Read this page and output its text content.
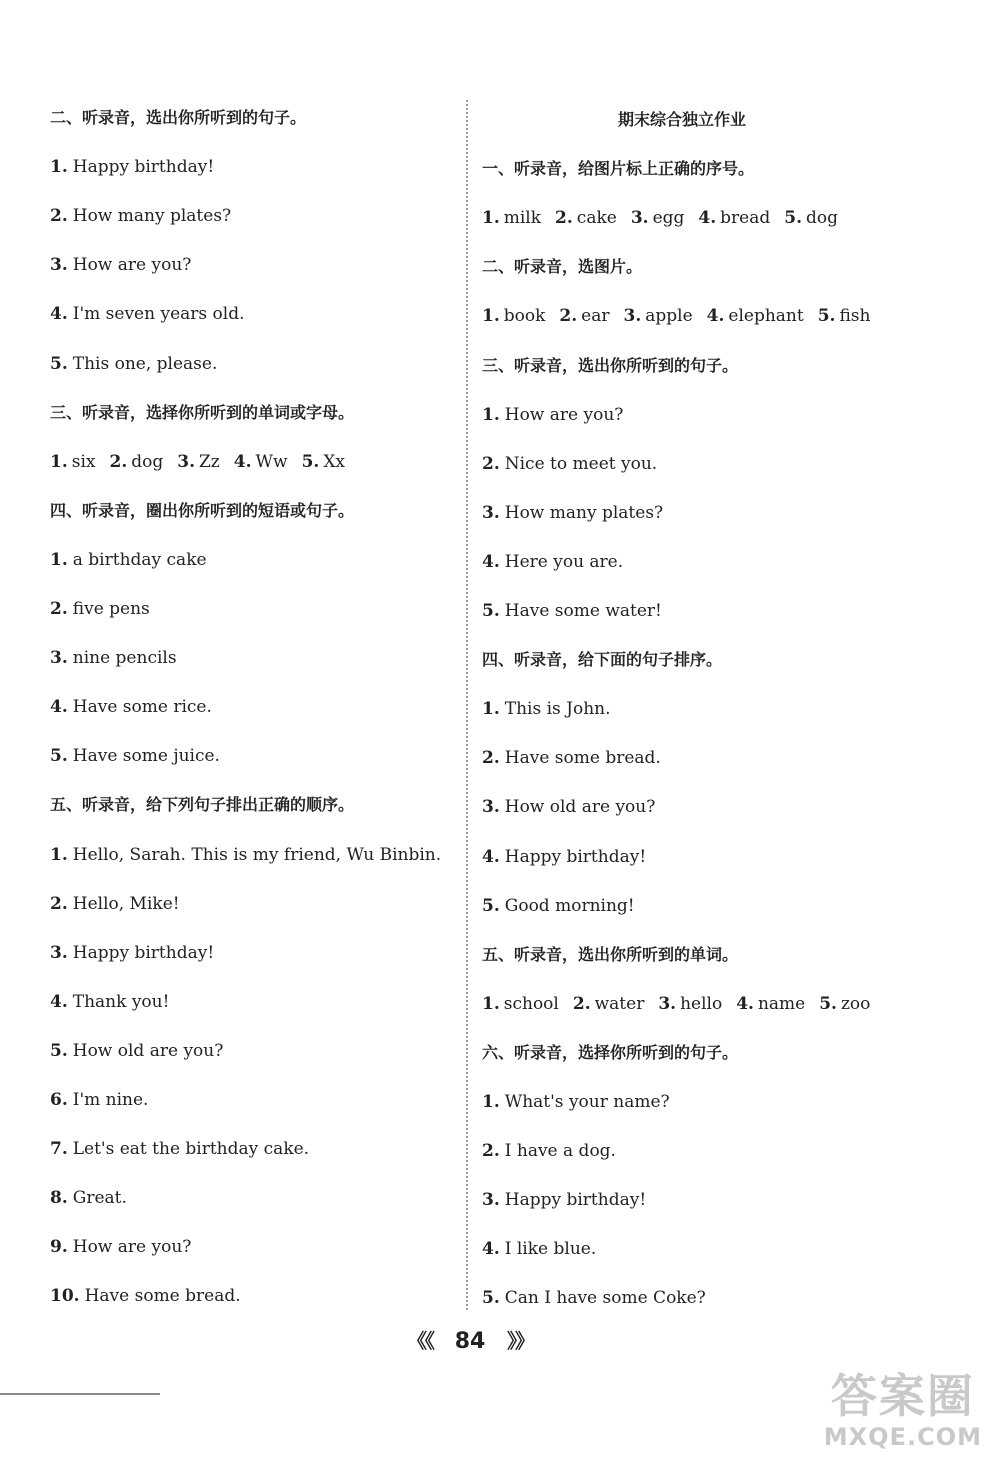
二、听录音，选出你所听到的句子。
1. Happy birthday!
2. How many plates?
3. How are you?
4. I'm seven years old.
5. This one, please.
三、听录音，选择你所听到的单词或字母。
1. six 2. dog 3. Zz 4. Ww 5. Xx
四、听录音，圈出你所听到的短语或句子。
1. a birthday cake
2. five pens
3. nine pencils
4. Have some rice.
5. Have some juice.
五、听录音，给下列句子排出正确的顺序。
1. Hello, Sarah. This is my friend, Wu Binbin.
2. Hello, Mike!
3. Happy birthday!
4. Thank you!
5. How old are you?
6. I'm nine.
7. Let's eat the birthday cake.
8. Great.
9. How are you?
10. Have some bread.
期末综合独立作业
一、听录音，给图片标上正确的序号。
1. milk 2. cake 3. egg 4. bread 5. dog
二、听录音，选图片。
1. book 2. ear 3. apple 4. elephant 5. fish
三、听录音，选出你所听到的句子。
1. How are you?
2. Nice to meet you.
3. How many plates?
4. Here you are.
5. Have some water!
四、听录音，给下面的句子排序。
1. This is John.
2. Have some bread.
3. How old are you?
4. Happy birthday!
5. Good morning!
五、听录音，选出你所听到的单词。
1. school 2. water 3. hello 4. name 5. zoo
六、听录音，选择你所听到的句子。
1. What's your name?
2. I have a dog.
3. Happy birthday!
4. I like blue.
5. Can I have some Coke?
《《 84 》》
答案圈
MXQE.COM
